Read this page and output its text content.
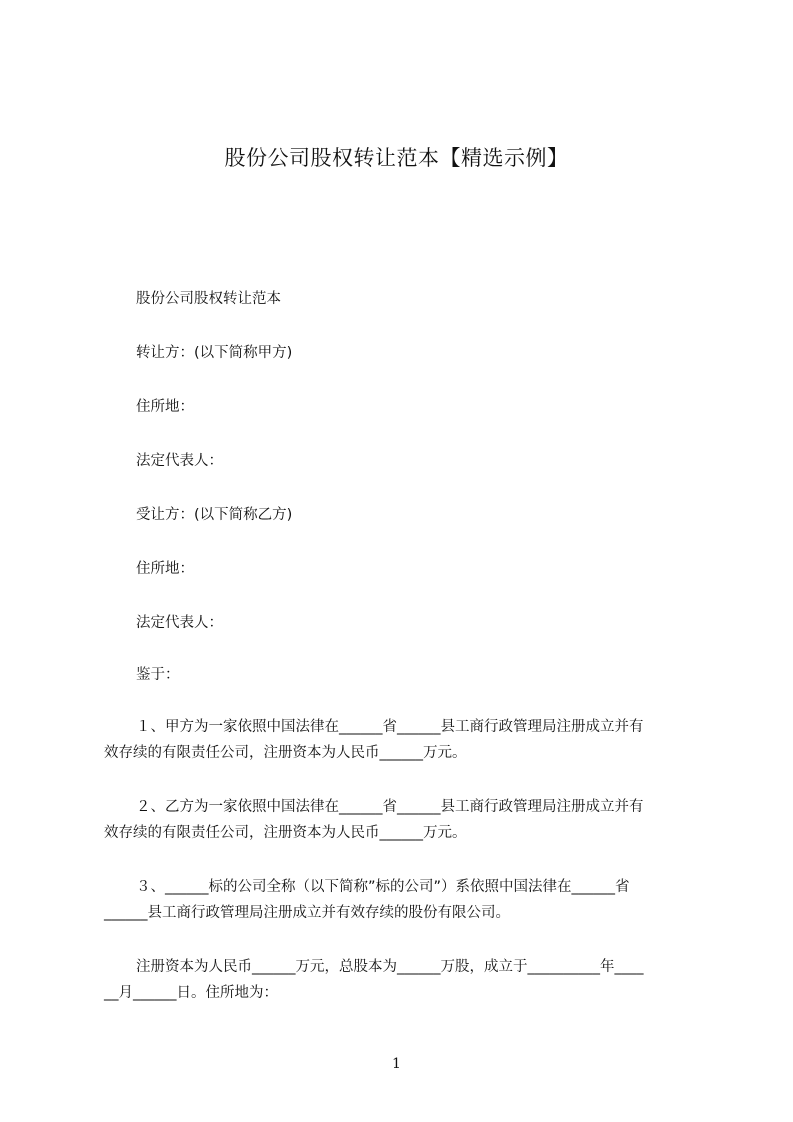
股份公司股权转让范本【精选示例】
股份公司股权转让范本
转让方：(以下简称甲方)
住所地：
法定代表人：
受让方：(以下简称乙方)
住所地：
法定代表人：
鉴于：
１、甲方为一家依照中国法律在______省______县工商行政管理局注册成立并有
效存续的有限责任公司，注册资本为人民币______万元。
２、乙方为一家依照中国法律在______省______县工商行政管理局注册成立并有
效存续的有限责任公司，注册资本为人民币______万元。
３、______标的公司全称（以下简称”标的公司”）系依照中国法律在______省
______县工商行政管理局注册成立并有效存续的股份有限公司。
注册资本为人民币______万元，总股本为______万股，成立于__________年____
__月______日。住所地为：
1
